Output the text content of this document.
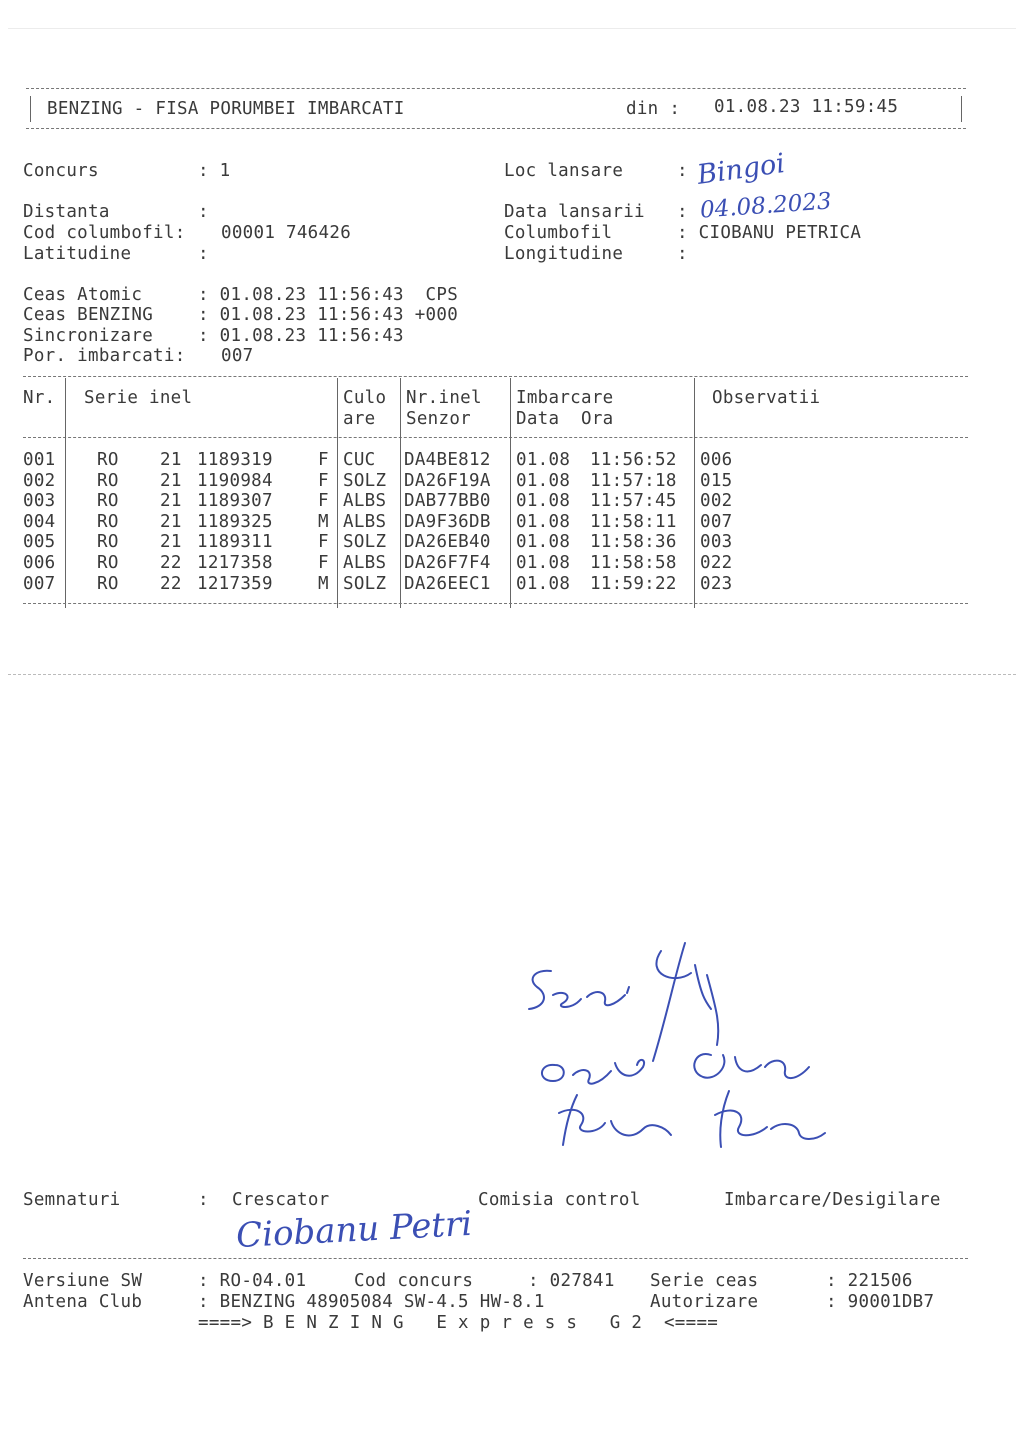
BENZING - FISA PORUMBEI IMBARCATI	din : 01.08.23 11:59:45
Concurs	: 1	Loc lansare	: Bingoi
Distanta	:	Data lansarii : 04.08.2023
Cod columbofil: 00001 746426	Columbofil	: CIOBANU PETRICA
Latitudine	:	Longitudine	:
Ceas Atomic	: 01.08.23 11:56:43  CPS
Ceas BENZING	: 01.08.23 11:56:43 +000
Sincronizare	: 01.08.23 11:56:43
Por. imbarcati: 007
Nr. Serie inel	Culo
are
Nr.inel
Senzor
Imbarcare
Data  Ora
Observatii
001 RO 21 1189319	F CUC DA4BE812 01.08 11:56:52 006
002 RO 21 1190984	F SOLZ DA26F19A 01.08 11:57:18 015
003 RO 21 1189307	F ALBS DAB77BB0 01.08 11:57:45 002
004 RO 21 1189325	M ALBS DA9F36DB 01.08 11:58:11 007
005 RO 21 1189311	F SOLZ DA26EB40 01.08 11:58:36 003
006 RO 22 1217358	F ALBS DA26F7F4 01.08 11:58:58 022
007 RO 22 1217359	M SOLZ DA26EEC1 01.08 11:59:22 023
Semnaturi	: Crescator	Comisia control	Imbarcare/Desigilare
Ciobanu Petri
Versiune SW	: RO-04.01	Cod concurs	: 027841 Serie ceas	: 221506
Antena Club	: BENZING 48905084 SW-4.5 HW-8.1	Autorizare	: 90001DB7
====> B E N Z I N G   E x p r e s s   G 2  <====
